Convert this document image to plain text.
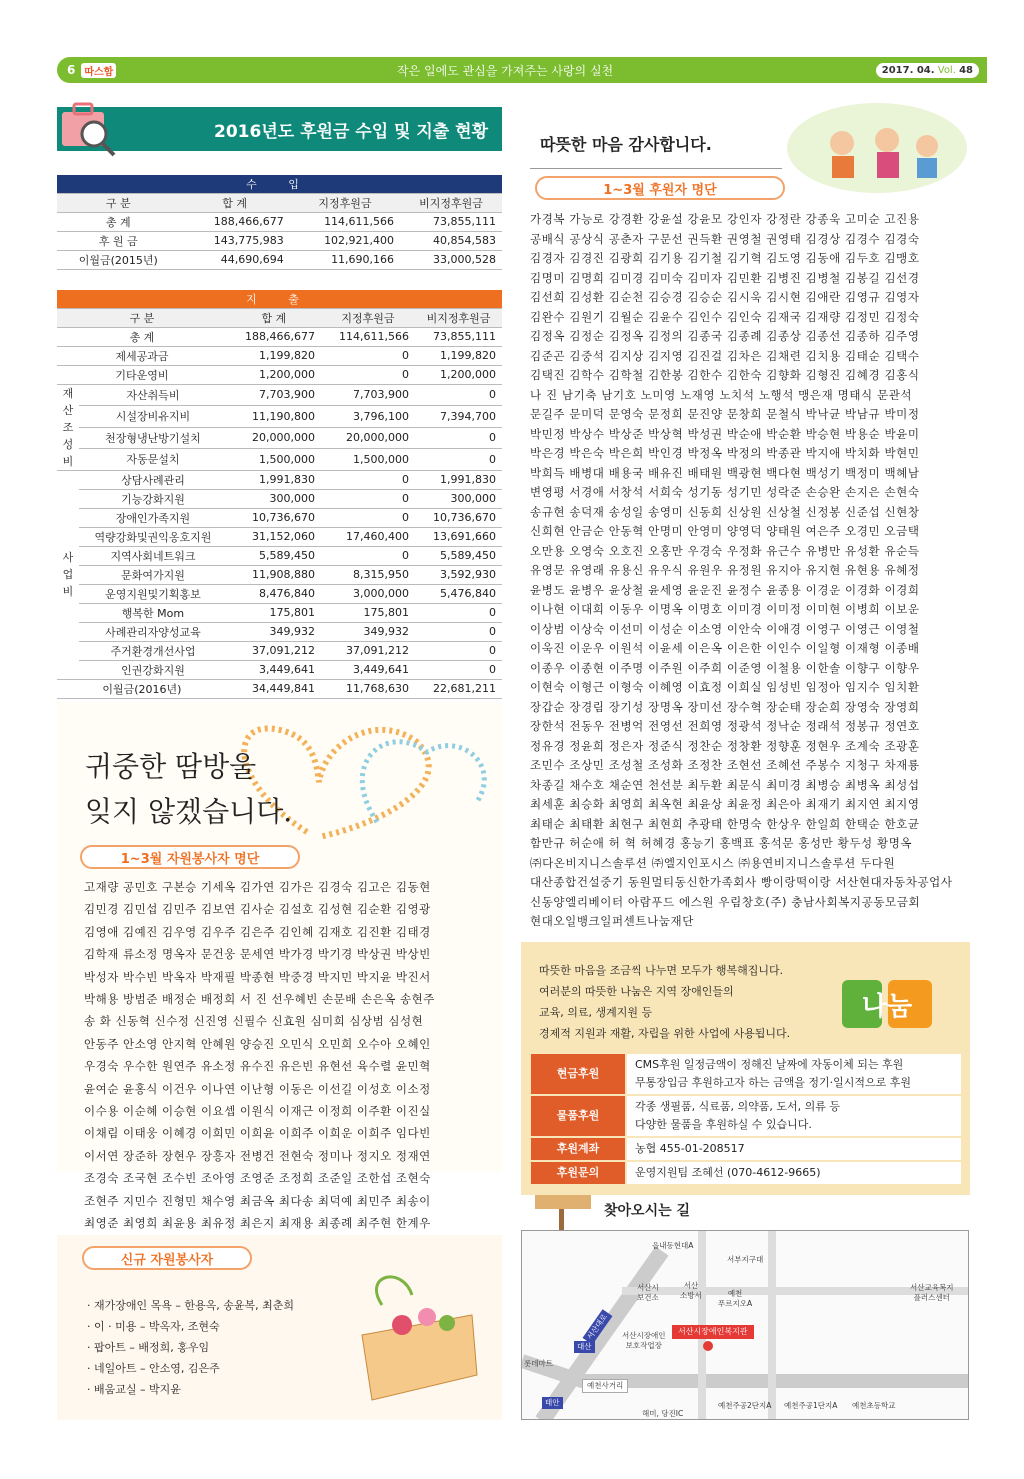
6 따스함	작은 일에도 관심을 가져주는 사랑의 실천	2017. 04. Vol. 48
2016년도 후원금 수입 및 지출 현황
수 입			
구 분	합 계	지정후원금	비지정후원금
총 계	188,466,677	114,611,566	73,855,111
후 원 금	143,775,983	102,921,400	40,854,583
이월금(2015년)	44,690,694	11,690,166	33,000,528
지 출				
구 분		합 계	지정후원금	비지정후원금
총 계		188,466,677	114,611,566	73,855,111
제세공과금		1,199,820	0	1,199,820
기타운영비		1,200,000	0	1,200,000
재
산
조
성
비	자산취득비	7,703,900	7,703,900	0
	시설장비유지비	11,190,800	3,796,100	7,394,700
	천장형냉난방기설치	20,000,000	20,000,000	0
	자동문설치	1,500,000	1,500,000	0
사
업
비	상담사례관리	1,991,830	0	1,991,830
	기능강화지원	300,000	0	300,000
	장애인가족지원	10,736,670	0	10,736,670
	역량강화및권익옹호지원	31,152,060	17,460,400	13,691,660
	지역사회네트워크	5,589,450	0	5,589,450
	문화여가지원	11,908,880	8,315,950	3,592,930
	운영지원및기획홍보	8,476,840	3,000,000	5,476,840
	행복한 Mom	175,801	175,801	0
	사례관리자양성교육	349,932	349,932	0
	주거환경개선사업	37,091,212	37,091,212	0
	인권강화지원	3,449,641	3,449,641	0
이월금(2016년)		34,449,841	11,768,630	22,681,211
귀중한 땀방울
잊지 않겠습니다.
1~3월 자원봉사자 명단
고재량 공민호 구본승 기세옥 김가연 김가은 김경숙 김고은 김동현
김민경 김민섭 김민주 김보연 김사순 김설호 김성현 김순환 김영광
김영애 김예진 김우영 김우주 김은주 김인혜 김재호 김진환 김태경
김학재 류소정 명옥자 문건웅 문세연 박가경 박기경 박상권 박상빈
박성자 박수빈 박옥자 박재필 박종현 박중경 박지민 박지윤 박진서
박해용 방범준 배정순 배정희 서 진 선우혜빈 손문배 손은옥 송현주
송 화 신동혁 신수정 신진영 신필수 신효원 심미희 심상범 심성현
안동주 안소영 안지혁 안혜원 양승진 오민식 오민희 오수아 오혜인
우경숙 우수한 원연주 유소정 유수진 유은빈 유현선 육수렬 윤민혁
윤여순 윤홍식 이건우 이나연 이난형 이동은 이선길 이성호 이소정
이수용 이순혜 이승현 이요셉 이원식 이재근 이정희 이주환 이진실
이채림 이태웅 이혜경 이희민 이희윤 이희주 이희운 이희주 임다빈
이서연 장준하 장현우 장흥자 전병건 전현숙 정미나 정지오 정재연
조경숙 조국현 조수빈 조아영 조영준 조정희 조준일 조한섭 조현숙
조현주 지민수 진형민 채수영 최금옥 최다송 최덕예 최민주 최송이
최영준 최영희 최윤용 최유정 최은지 최재용 최종례 최주현 한계우
신규 자원봉사자
· 재가장애인 목욕 – 한용옥, 송윤복, 최춘희
· 이 · 미용 – 박옥자, 조현숙
· 팝아트 – 배정희, 홍우임
· 네일아트 – 안소영, 김은주
· 배움교실 – 박지윤
따뜻한 마음 감사합니다.
1~3월 후원자 명단
가경복 가능로 강경환 강윤설 강윤모 강인자 강정란 강종욱 고미순 고진용
공배식 공상식 공춘자 구문선 권득환 권영철 권영태 김경상 김경수 김경숙
김경자 김경진 김광희 김기용 김기철 김기혁 김도영 김동애 김두호 김맹호
김명미 김명희 김미경 김미숙 김미자 김민환 김병진 김병철 김봉길 김선경
김선희 김성환 김순천 김승경 김승순 김시욱 김시현 김애란 김영규 김영자
김완수 김원기 김월순 김윤수 김인수 김인숙 김재국 김재량 김정민 김정숙
김정옥 김정순 김정옥 김정의 김종국 김종례 김종상 김종선 김종하 김주영
김준곤 김중석 김지상 김지영 김진걸 김차은 김채련 김치용 김태순 김택수
김택진 김학수 김학철 김한봉 김한수 김한숙 김향화 김형진 김혜경 김홍식
나 진 남기축 남기호 노미영 노재영 노치석 노행석 맹은재 명태식 문관석
문길주 문미덕 문영숙 문정희 문진양 문창희 문철식 박낙균 박남규 박미정
박민정 박상수 박상준 박상혁 박성권 박순애 박순환 박승현 박용순 박윤미
박은경 박은숙 박은희 박인경 박정옥 박정의 박종관 박지애 박치화 박현민
박희득 배병대 배용국 배유진 배태원 백광현 백다현 백성기 백정미 백혜남
변영평 서경애 서창석 서희숙 성기동 성기민 성락준 손승완 손지은 손현숙
송규현 송덕재 송성일 송영미 신동희 신상원 신상철 신정봉 신준섭 신현창
신희현 안금순 안동혁 안명미 안영미 양영덕 양태원 여은주 오경민 오금택
오만용 오영숙 오호진 오홍만 우경숙 우정화 유근수 유병만 유성환 유순득
유영문 유영래 유용신 유우식 유원우 유정원 유지아 유지현 유현용 유혜정
윤병도 윤병우 윤상철 윤세영 윤운진 윤정수 윤종용 이경운 이경화 이경희
이나현 이대희 이동우 이명옥 이명호 이미경 이미정 이미현 이병희 이보운
이상범 이상숙 이선미 이성순 이소영 이안숙 이애경 이영구 이영근 이영철
이욱진 이운우 이원석 이윤세 이은옥 이은한 이인수 이일형 이재형 이종배
이종우 이종현 이주명 이주원 이주희 이준영 이철용 이한솔 이향구 이향우
이현숙 이형근 이형숙 이혜영 이효정 이희실 임성빈 임정아 임지수 임치환
장갑순 장경림 장기성 장명옥 장미선 장수혁 장순태 장순희 장영숙 장영희
장한석 전동우 전병억 전영선 전희영 정광석 정낙순 정래석 정봉규 정연호
정유경 정윤희 정은자 정준식 정찬순 정창환 정향훈 정현우 조계숙 조광훈
조민수 조상민 조성철 조성화 조정찬 조현선 조혜선 주봉수 지청구 차재룡
차종길 채수호 채순연 천선분 최두환 최문식 최미경 최병승 최병옥 최성섭
최세훈 최승화 최영희 최옥현 최윤상 최윤정 최은아 최재기 최지연 최지영
최태순 최태환 최현구 최현희 추광태 한명숙 한상우 한일희 한택순 한호균
함만규 허순애 허 혁 허혜경 홍능기 홍백표 홍석문 홍성만 황두성 황명옥
㈜다온비지니스솔루션 ㈜엘지인포시스 ㈜용연비지니스솔루션 두다원
대산종합건설중기 동원멀티동신한가족회사 빵이랑떡이랑 서산현대자동차공업사
신동양엘리베이터 아람푸드 에스원 우림창호(주) 충남사회복지공동모금회
현대오일뱅크일퍼센트나눔재단
따뜻한 마음을 조금씩 나누면 모두가 행복해집니다.
여러분의 따뜻한 나눔은 지역 장애인들의
교육, 의료, 생계지원 등
경제적 지원과 재활, 자립을 위한 사업에 사용됩니다.
현금후원	CMS후원 일정금액이 정해진 날짜에 자동이체 되는 후원
무통장입금 후원하고자 하는 금액을 정기·일시적으로 후원

물품후원	각종 생필품, 식료품, 의약품, 도서, 의류 등
다양한 물품을 후원하실 수 있습니다.

후원계좌	농협 455-01-208517

후원문의	운영지원팀 조혜선 (070-4612-9665)
나눔
찾아오시는 길
읍내동현대A
서부지구대
서산시
보건소
서산
소방서	예천
푸르지오A
서산교육복지
플러스센터
서산시장애인
보호작업장
서산시장애인복지관
롯데마트
예천사거리
해미, 당진IC
예천주공2단지A 예천주공1단지A 예천초등학교
서산대로
대산
태안
